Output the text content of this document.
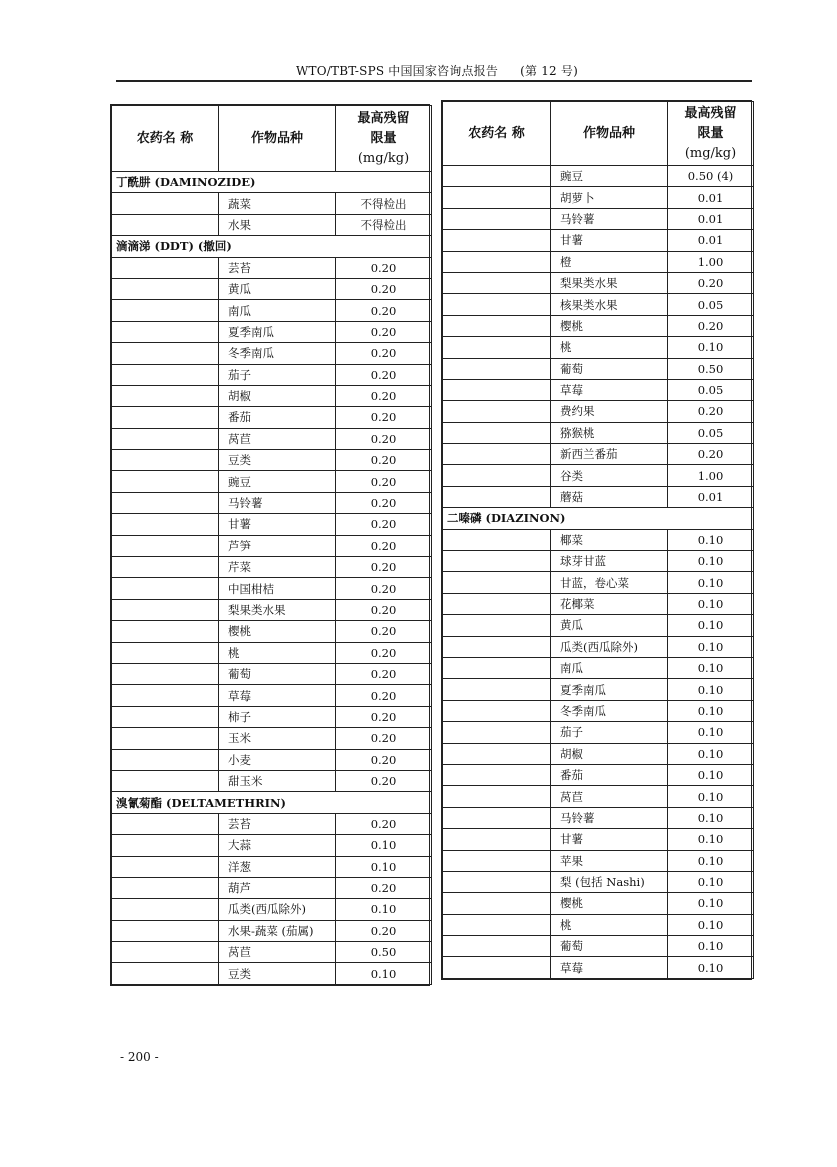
WTO/TBT-SPS 中国国家咨询点报告 (第 12 号)
农药名 称	作物品种	最高残留
限量
(mg/kg)

丁酰肼 (DAMINOZIDE)		
	蔬菜	不得检出
	水果	不得检出
滴滴涕 (DDT) (撤回)		
	芸苔	0.20
	黄瓜	0.20
	南瓜	0.20
	夏季南瓜	0.20
	冬季南瓜	0.20
	茄子	0.20
	胡椒	0.20
	番茄	0.20
	莴苣	0.20
	豆类	0.20
	豌豆	0.20
	马铃薯	0.20
	甘薯	0.20
	芦笋	0.20
	芹菜	0.20
	中国柑桔	0.20
	梨果类水果	0.20
	樱桃	0.20
	桃	0.20
	葡萄	0.20
	草莓	0.20
	柿子	0.20
	玉米	0.20
	小麦	0.20
	甜玉米	0.20
溴氰菊酯 (DELTAMETHRIN)		
	芸苔	0.20
	大蒜	0.10
	洋葱	0.10
	葫芦	0.20
	瓜类(西瓜除外)	0.10
	水果-蔬菜 (茄属)	0.20
	莴苣	0.50
	豆类	0.10
农药名 称	作物品种	最高残留
限量
(mg/kg)

	豌豆	0.50 (4)
	胡萝卜	0.01
	马铃薯	0.01
	甘薯	0.01
	橙	1.00
	梨果类水果	0.20
	核果类水果	0.05
	樱桃	0.20
	桃	0.10
	葡萄	0.50
	草莓	0.05
	费约果	0.20
	猕猴桃	0.05
	新西兰番茄	0.20
	谷类	1.00
	蘑菇	0.01
二嗪磷 (DIAZINON)		
	椰菜	0.10
	球芽甘蓝	0.10
	甘蓝，卷心菜	0.10
	花椰菜	0.10
	黄瓜	0.10
	瓜类(西瓜除外)	0.10
	南瓜	0.10
	夏季南瓜	0.10
	冬季南瓜	0.10
	茄子	0.10
	胡椒	0.10
	番茄	0.10
	莴苣	0.10
	马铃薯	0.10
	甘薯	0.10
	苹果	0.10
	梨 (包括 Nashi)	0.10
	樱桃	0.10
	桃	0.10
	葡萄	0.10
	草莓	0.10
- 200 -
